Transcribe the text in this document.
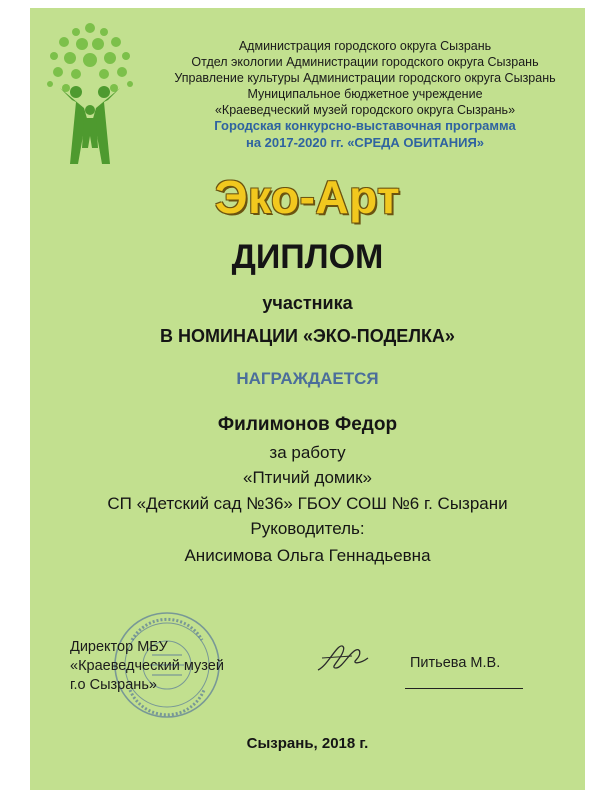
Администрация городского округа Сызрань
Отдел экологии Администрации городского округа Сызрань
Управление культуры Администрации городского округа Сызрань
Муниципальное бюджетное учреждение
«Краеведческий музей городского округа Сызрань»
Городская конкурсно-выставочная программа
на 2017-2020 гг. «СРЕДА ОБИТАНИЯ»
Эко-Арт
ДИПЛОМ
участника
В НОМИНАЦИИ «ЭКО-ПОДЕЛКА»
НАГРАЖДАЕТСЯ
Филимонов Федор
за работу
«Птичий домик»
СП «Детский сад №36» ГБОУ СОШ №6 г. Сызрани
Руководитель:
Анисимова Ольга Геннадьевна
Директор МБУ
«Краеведческий музей
г.о Сызрань»
Питьева М.В.
Сызрань, 2018 г.
